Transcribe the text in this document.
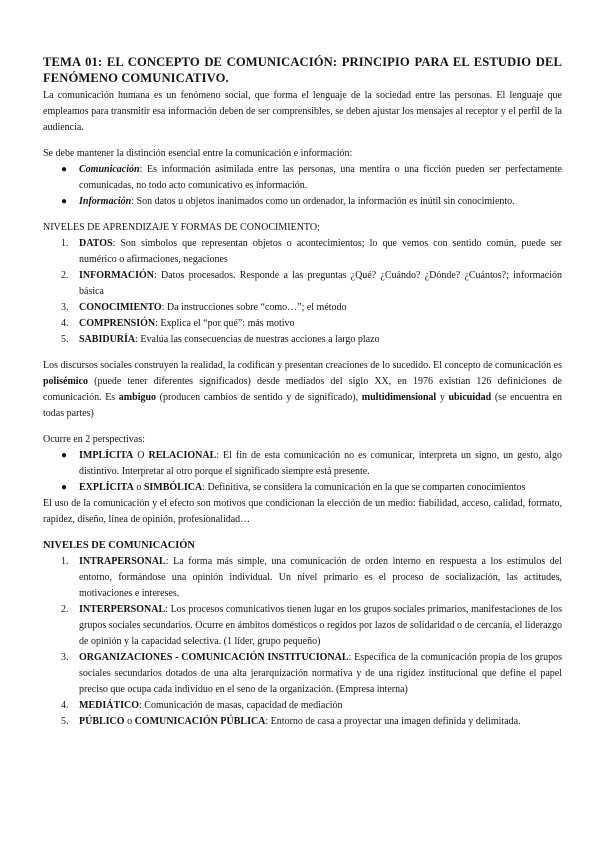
TEMA 01: EL CONCEPTO DE COMUNICACIÓN: PRINCIPIO PARA EL ESTUDIO DEL FENÓMENO COMUNICATIVO.

La comunicación humana es un fenómeno social, que forma el lenguaje de la sociedad entre las personas. El lenguaje que empleamos para transmitir esa información deben de ser comprensibles, se deben ajustar los mensajes al receptor y el perfil de la audiencia.

Se debe mantener la distinción esencial entre la comunicación e información:

●	Comunicación: Es información asimilada entre las personas, una mentira o una ficción pueden ser perfectamente comunicadas, no todo acto comunicativo es información.
●	Información: Son datos u objetos inanimados como un ordenador, la información es inútil sin conocimiento.

NIVELES DE APRENDIZAJE Y FORMAS DE CONOCIMIENTO;

1. DATOS: Son símbolos que representan objetos o acontecimientos; lo que vemos con sentido común, puede ser numérico o afirmaciones, negaciones
2. INFORMACIÓN: Datos procesados. Responde a las preguntas ¿Qué? ¿Cuándo? ¿Dónde? ¿Cuántos?; información básica
3. CONOCIMIENTO: Da instrucciones sobre “como…”; el método
4. COMPRENSIÓN: Explica el “por qué”: más motivo
5. SABIDURÍA: Evalúa las consecuencias de nuestras acciones a largo plazo

Los discursos sociales construyen la realidad, la codifican y presentan creaciones de lo sucedido. El concepto de comunicación es polisémico (puede tener diferentes significados) desde mediados del siglo XX, en 1976 existían 126 definiciones de comunicación. Es ambiguo (producen cambios de sentido y de significado), multidimensional y ubicuidad (se encuentra en todas partes)

Ocurre en 2 perspectivas:

●	IMPLÍCITA O RELACIONAL: El fin de esta comunicación no es comunicar, interpreta un signo, un gesto, algo distintivo. Interpretar al otro porque el significado siempre está presente.
●	EXPLÍCITA o SIMBÓLICA: Definitiva, se considera la comunicación en la que se comparten conocimientos

El uso de la comunicación y el efecto son motivos que condicionan la elección de un medio: fiabilidad, acceso, calidad, formato, rapidez, diseño, línea de opinión, profesionalidad…

NIVELES DE COMUNICACIÓN

1. INTRAPERSONAL: La forma más simple, una comunicación de orden interno en respuesta a los estímulos del entorno, formándose una opinión individual. Un nivel primario es el proceso de socialización, las actitudes, motivaciones e intereses.
2. INTERPERSONAL: Los procesos comunicativos tienen lugar en los grupos sociales primarios, manifestaciones de los grupos sociales secundarios. Ocurre en ámbitos domésticos o regidos por lazos de solidaridad o de cercanía, el liderazgo de opinión y la capacidad selectiva. (1 líder, grupo pequeño)
3. ORGANIZACIONES - COMUNICACIÓN INSTITUCIONAL: Específica de la comunicación propia de los grupos sociales secundarios dotados de una alta jerarquización normativa y de una rigidez institucional que define el papel preciso que ocupa cada individuo en el seno de la organización. (Empresa interna)
4. MEDIÁTICO: Comunicación de masas, capacidad de mediación
5. PÚBLICO o COMUNICACIÓN PÚBLICA: Entorno de casa a proyectar una imagen definida y delimitada.
